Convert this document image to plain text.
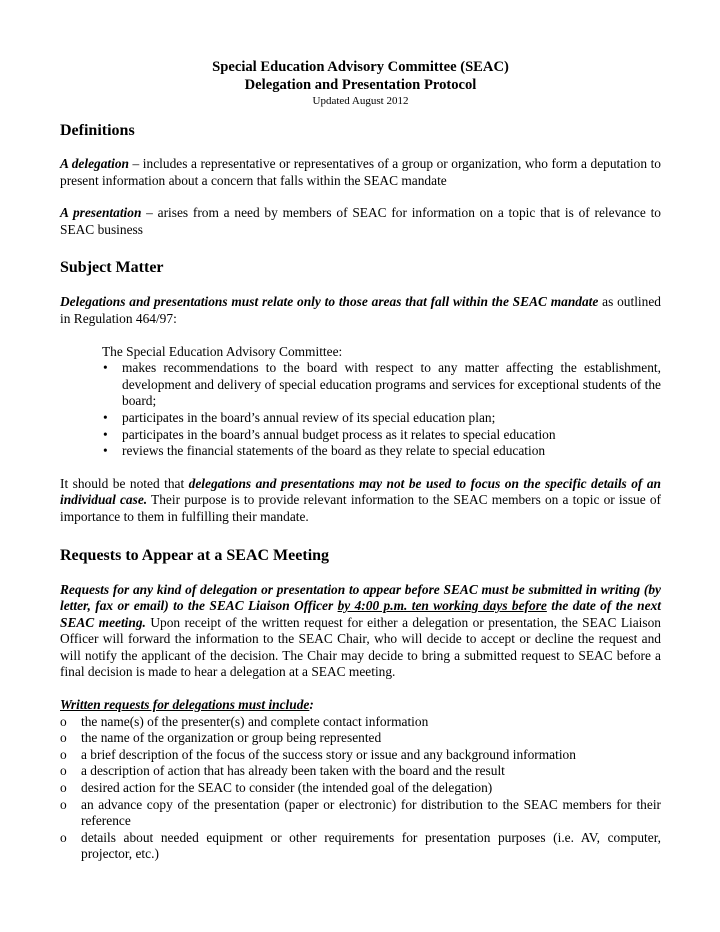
Special Education Advisory Committee (SEAC)
Delegation and Presentation Protocol
Updated August 2012
Definitions

A delegation – includes a representative or representatives of a group or organization, who form a deputation to present information about a concern that falls within the SEAC mandate

A presentation – arises from a need by members of SEAC for information on a topic that is of relevance to SEAC business

Subject Matter

Delegations and presentations must relate only to those areas that fall within the SEAC mandate as outlined in Regulation 464/97:

The Special Education Advisory Committee:

• makes recommendations to the board with respect to any matter affecting the establishment, development and delivery of special education programs and services for exceptional students of the board;
• participates in the board’s annual review of its special education plan;
• participates in the board’s annual budget process as it relates to special education
• reviews the financial statements of the board as they relate to special education

It should be noted that delegations and presentations may not be used to focus on the specific details of an individual case. Their purpose is to provide relevant information to the SEAC members on a topic or issue of importance to them in fulfilling their mandate.

Requests to Appear at a SEAC Meeting

Requests for any kind of delegation or presentation to appear before SEAC must be submitted in writing (by letter, fax or email) to the SEAC Liaison Officer by 4:00 p.m. ten working days before the date of the next SEAC meeting. Upon receipt of the written request for either a delegation or presentation, the SEAC Liaison Officer will forward the information to the SEAC Chair, who will decide to accept or decline the request and will notify the applicant of the decision. The Chair may decide to bring a submitted request to SEAC before a final decision is made to hear a delegation at a SEAC meeting.

Written requests for delegations must include:

o the name(s) of the presenter(s) and complete contact information
o the name of the organization or group being represented
o a brief description of the focus of the success story or issue and any background information
o a description of action that has already been taken with the board and the result
o desired action for the SEAC to consider (the intended goal of the delegation)
o an advance copy of the presentation (paper or electronic) for distribution to the SEAC members for their reference
o details about needed equipment or other requirements for presentation purposes (i.e. AV, computer, projector, etc.)
